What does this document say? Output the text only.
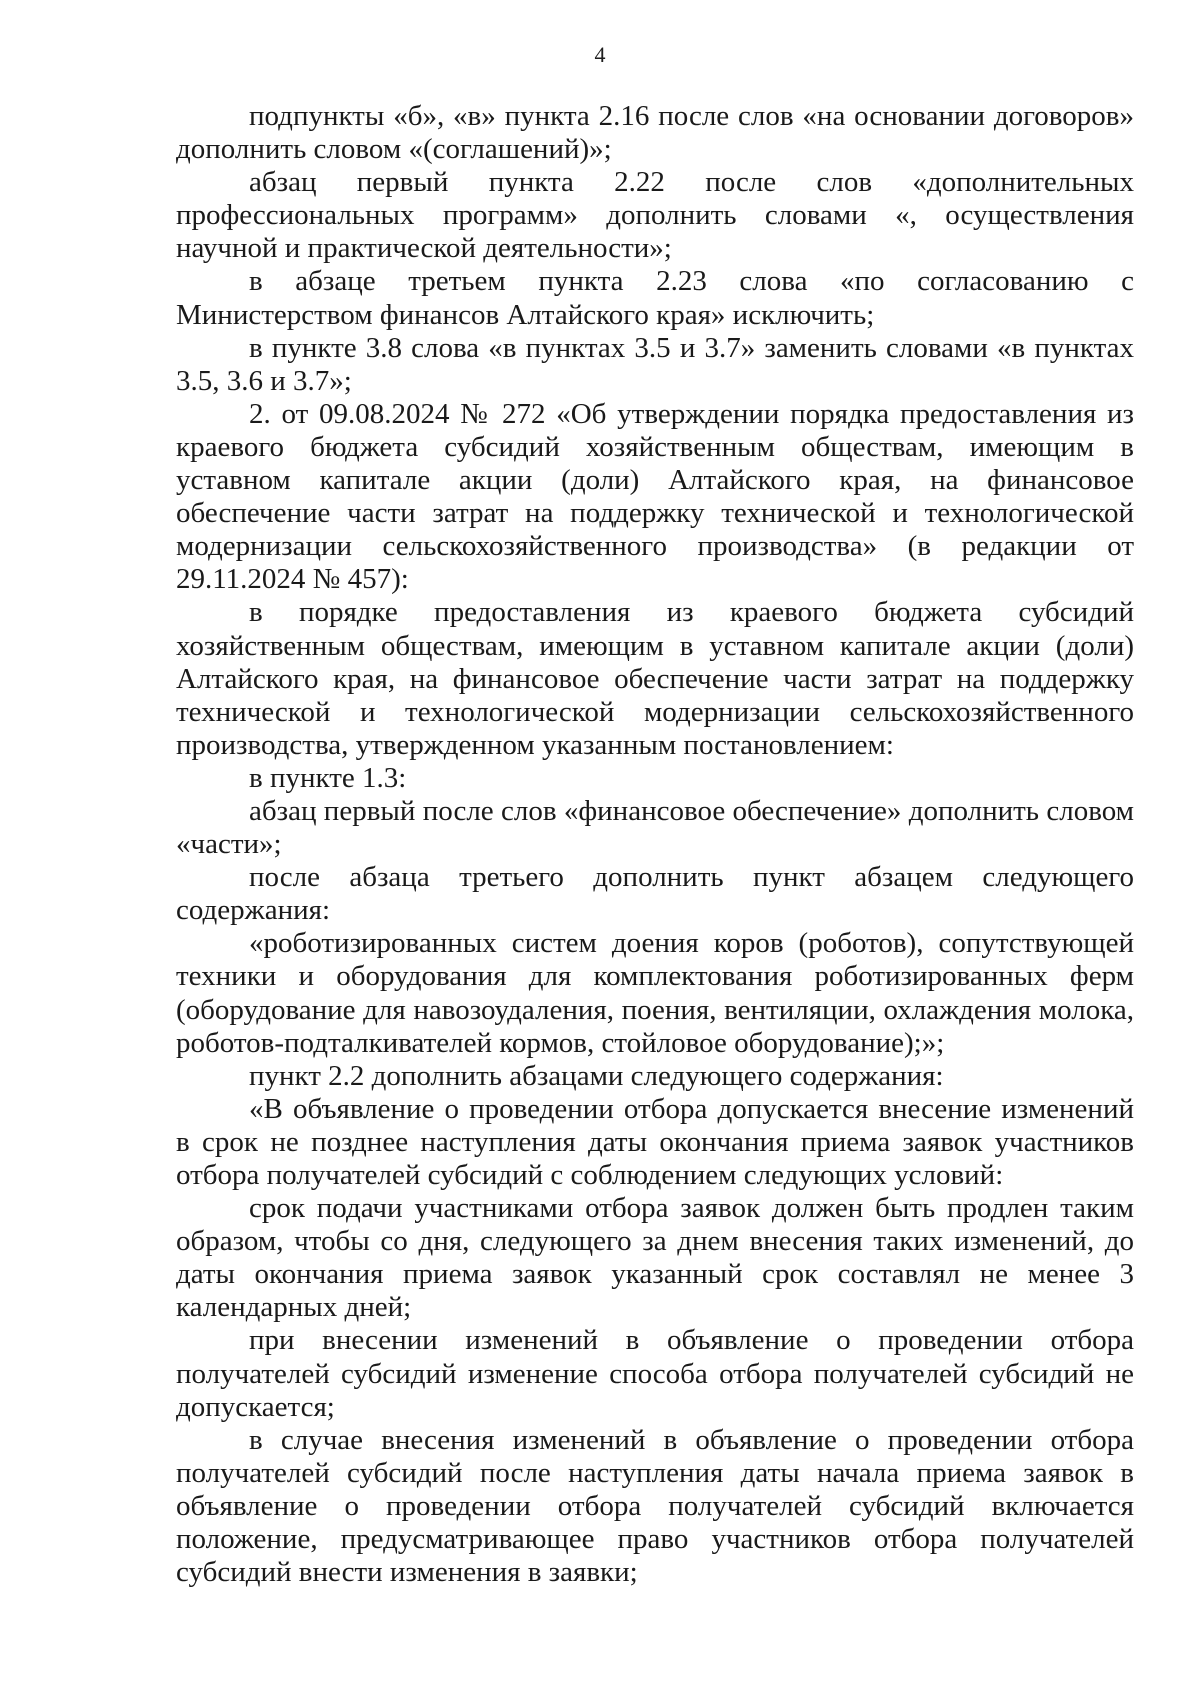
4

подпункты «б», «в» пункта 2.16 после слов «на основании договоров» дополнить словом «(соглашений)»;

абзац первый пункта 2.22 после слов «дополнительных профессиональных программ» дополнить словами «, осуществления научной и практической деятельности»;

в абзаце третьем пункта 2.23 слова «по согласованию с Министерством финансов Алтайского края» исключить;

в пункте 3.8 слова «в пунктах 3.5 и 3.7» заменить словами «в пунктах 3.5, 3.6 и 3.7»;

2. от 09.08.2024 № 272 «Об утверждении порядка предоставления из краевого бюджета субсидий хозяйственным обществам, имеющим в уставном капитале акции (доли) Алтайского края, на финансовое обеспечение части затрат на поддержку технической и технологической модернизации сельскохозяйственного производства» (в редакции от 29.11.2024 № 457):

в порядке предоставления из краевого бюджета субсидий хозяйственным обществам, имеющим в уставном капитале акции (доли) Алтайского края, на финансовое обеспечение части затрат на поддержку технической и технологической модернизации сельскохозяйственного производства, утвержденном указанным постановлением:

в пункте 1.3:

абзац первый после слов «финансовое обеспечение» дополнить словом «части»;

после абзаца третьего дополнить пункт абзацем следующего содержания:

«роботизированных систем доения коров (роботов), сопутствующей техники и оборудования для комплектования роботизированных ферм (оборудование для навозоудаления, поения, вентиляции, охлаждения молока, роботов-подталкивателей кормов, стойловое оборудование);»;

пункт 2.2 дополнить абзацами следующего содержания:

«В объявление о проведении отбора допускается внесение изменений в срок не позднее наступления даты окончания приема заявок участников отбора получателей субсидий с соблюдением следующих условий:

срок подачи участниками отбора заявок должен быть продлен таким образом, чтобы со дня, следующего за днем внесения таких изменений, до даты окончания приема заявок указанный срок составлял не менее 3 календарных дней;

при внесении изменений в объявление о проведении отбора получателей субсидий изменение способа отбора получателей субсидий не допускается;

в случае внесения изменений в объявление о проведении отбора получателей субсидий после наступления даты начала приема заявок в объявление о проведении отбора получателей субсидий включается положение, предусматривающее право участников отбора получателей субсидий внести изменения в заявки;
